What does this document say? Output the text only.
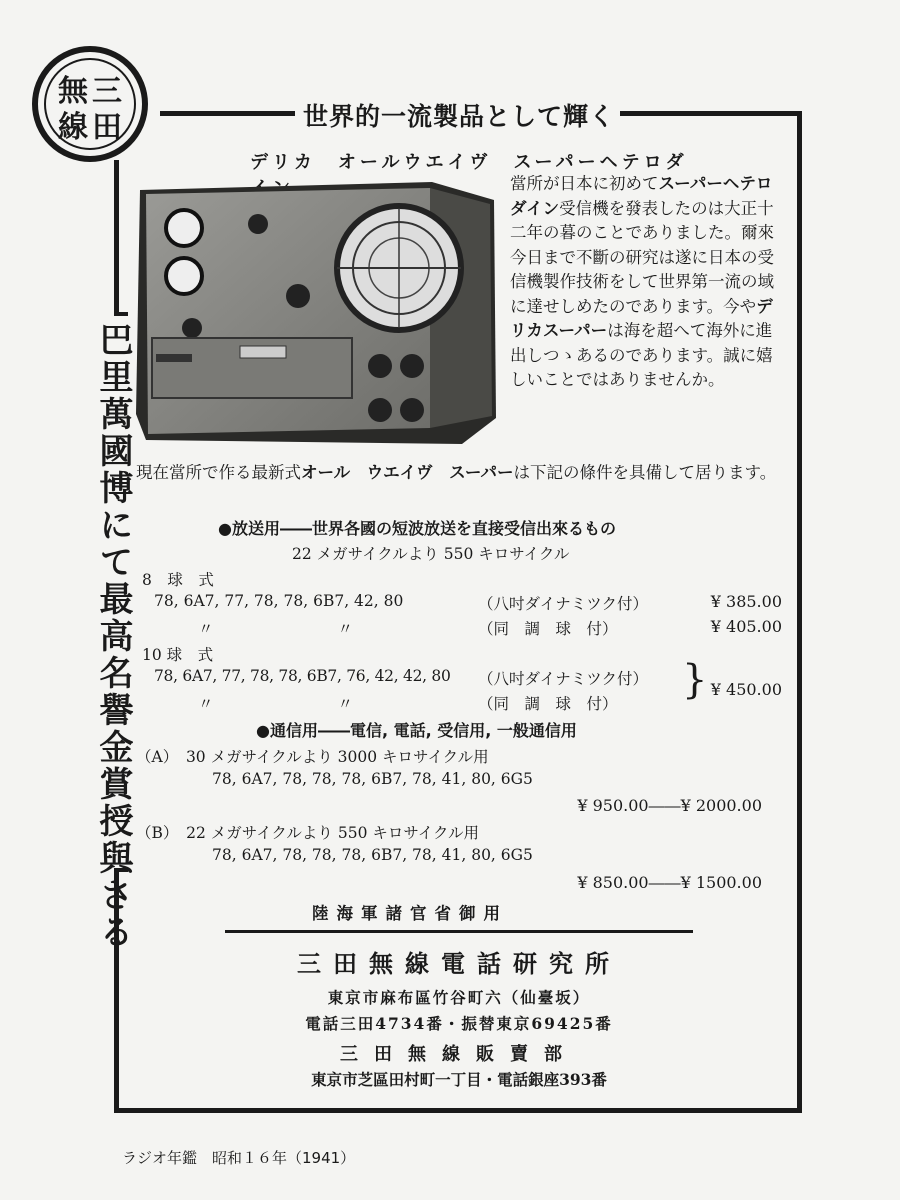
無 三
線 田
巴里萬國博にて最高名譽金賞授與さる
世界的一流製品として輝く
デリカ　オールウエイヴ　スーパーヘテロダ
當所が日本に初めてスーパーヘテロダイン受信機を發表したのは大正十二年の暮のことでありました。爾來今日まで不斷の研究は遂に日本の受信機製作技術をして世界第一流の域に達せしめたのであります。今やデリカスーパーは海を超へて海外に進出しつゝあるのであります。誠に嬉しいことではありませんか。
現在當所で作る最新式オール　ウエイヴ　スーパーは下記の條件を具備して居ります。
●放送用――世界各國の短波放送を直接受信出來るもの
22 メガサイクルより 550 キロサイクル
8　球　式
78, 6A7, 77, 78, 78, 6B7, 42, 80
〃　　　　　　　　〃
（八吋ダイナミツク付）
（同　調　球　付）
¥ 385.00
¥ 405.00
10 球　式
78, 6A7, 77, 78, 78, 6B7, 76, 42, 42, 80
〃　　　　　　　　〃
（八吋ダイナミツク付）
（同　調　球　付）
} ¥ 450.00
●通信用――電信, 電話, 受信用, 一般通信用
（A）　30 メガサイクルより 3000 キロサイクル用
78, 6A7, 78, 78, 78, 6B7, 78, 41, 80, 6G5
¥ 950.00――¥ 2000.00
（B）　22 メガサイクルより 550 キロサイクル用
78, 6A7, 78, 78, 78, 6B7, 78, 41, 80, 6G5
¥ 850.00――¥ 1500.00
陸海軍諸官省御用
三田無線電話研究所
東京市麻布區竹谷町六（仙臺坂）
電話三田4734番・振替東京69425番
三田無線販賣部
東京市芝區田村町一丁目・電話銀座393番
ラジオ年鑑　昭和１６年（1941）
